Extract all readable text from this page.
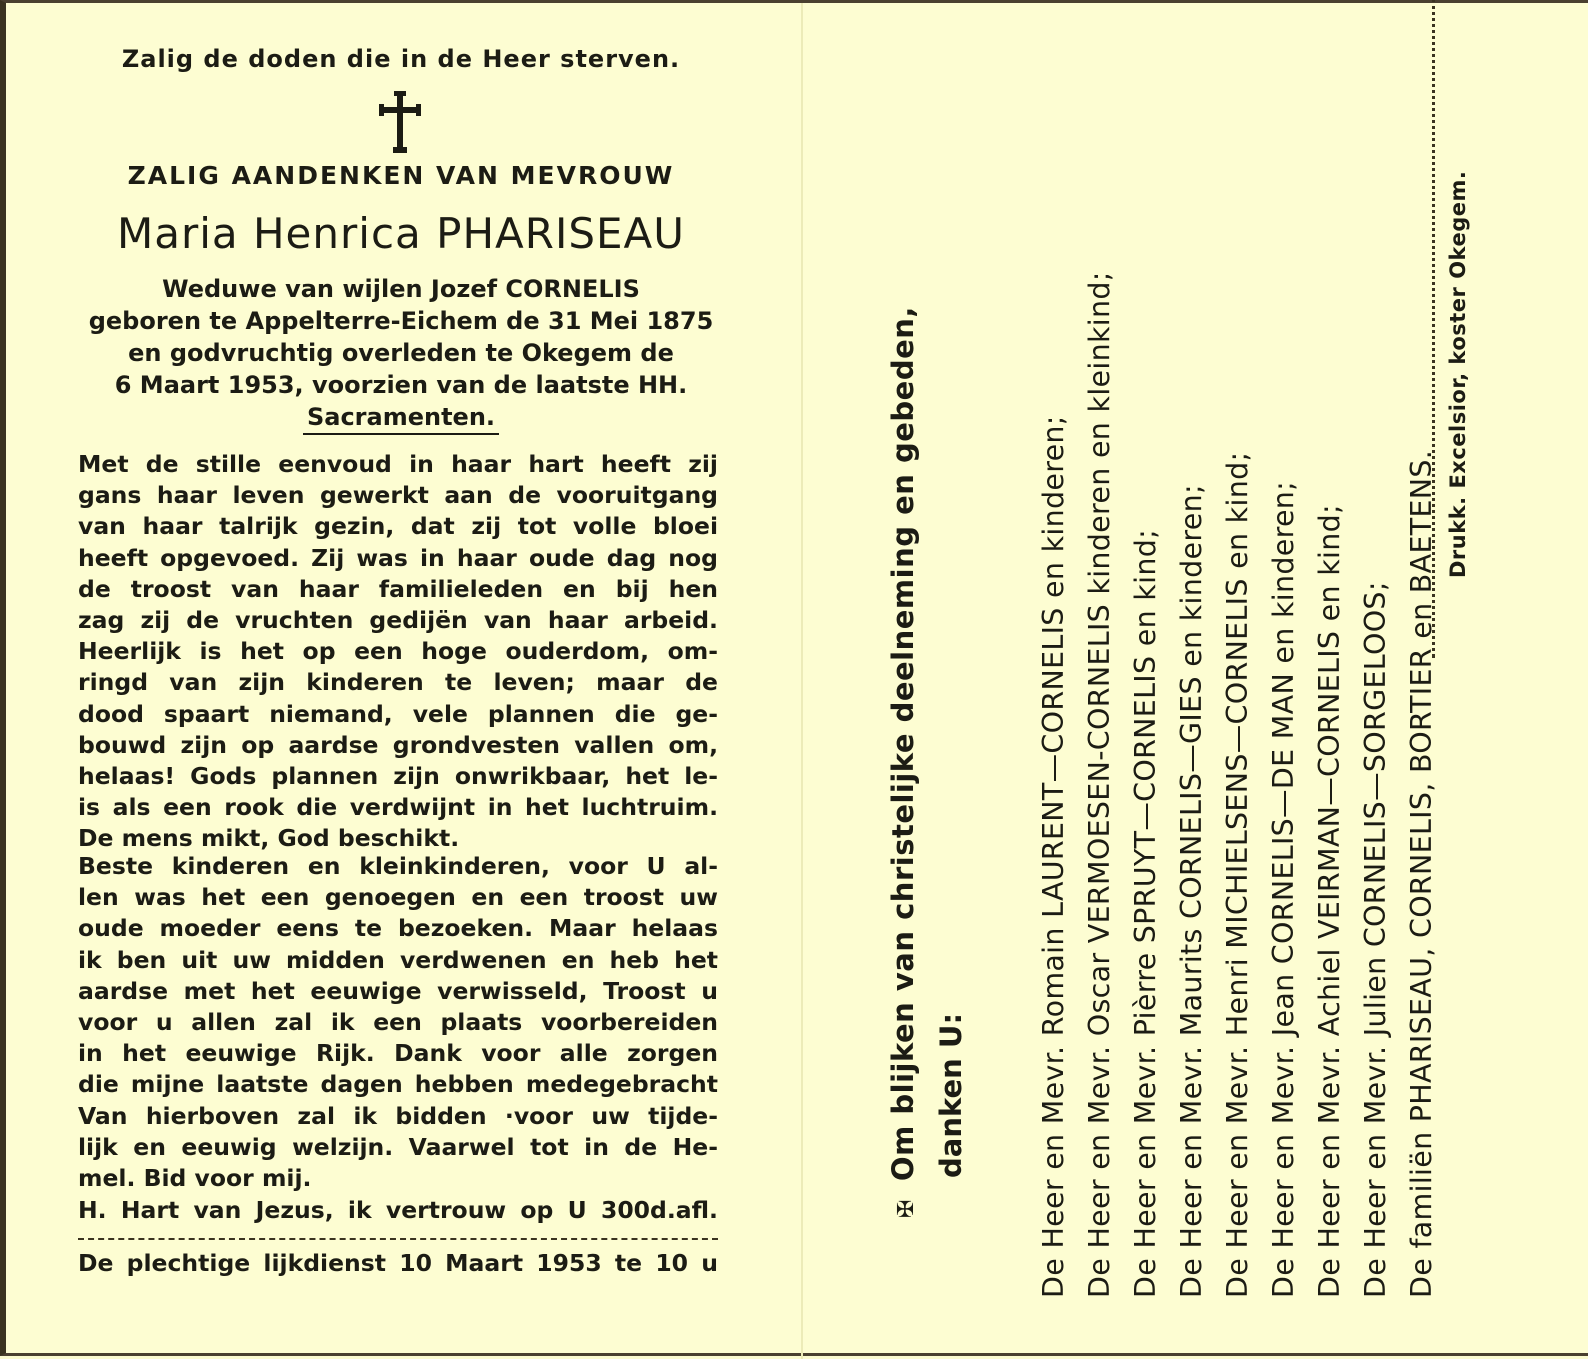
Zalig de doden die in de Heer sterven.

ZALIG AANDENKEN VAN MEVROUW

Maria Henrica PHARISEAU

Weduwe van wijlen Jozef CORNELIS
geboren te Appelterre-Eichem de 31 Mei 1875
en godvruchtig overleden te Okegem de
6 Maart 1953, voorzien van de laatste HH.
Sacramenten.
Met de stille eenvoud in haar hart heeft zij
gans haar leven gewerkt aan de vooruitgang
van haar talrijk gezin, dat zij tot volle bloei
heeft opgevoed. Zij was in haar oude dag nog
de troost van haar familieleden en bij hen
zag zij de vruchten gedijën van haar arbeid.
Heerlijk is het op een hoge ouderdom, om-
ringd van zijn kinderen te leven; maar de
dood spaart niemand, vele plannen die ge-
bouwd zijn op aardse grondvesten vallen om,
helaas! Gods plannen zijn onwrikbaar, het le-
is als een rook die verdwijnt in het luchtruim.
De mens mikt, God beschikt.
Beste kinderen en kleinkinderen, voor U al-
len was het een genoegen en een troost uw
oude moeder eens te bezoeken. Maar helaas
ik ben uit uw midden verdwenen en heb het
aardse met het eeuwige verwisseld, Troost u
voor u allen zal ik een plaats voorbereiden
in het eeuwige Rijk. Dank voor alle zorgen
die mijne laatste dagen hebben medegebracht
Van hierboven zal ik bidden ·voor uw tijde-
lijk en eeuwig welzijn. Vaarwel tot in de He-
mel. Bid voor mij.
H. Hart van Jezus, ik vertrouw op U 300d.afl.
De plechtige lijkdienst 10 Maart 1953 te 10 u
✠Om blijken van christelijke deelneming en gebeden, danken U: De Heer en Mevr. Romain LAURENT—CORNELIS en kinderen; De Heer en Mevr. Oscar VERMOESEN-CORNELIS kinderen en kleinkind; De Heer en Mevr. Pièrre SPRUYT—CORNELIS en kind; De Heer en Mevr. Maurits CORNELIS—GIES en kinderen; De Heer en Mevr. Henri MICHIELSENS—CORNELIS en kind; De Heer en Mevr. Jean CORNELIS—DE MAN en kinderen; De Heer en Mevr. Achiel VEIRMAN—CORNELIS en kind; De Heer en Mevr. Julien CORNELIS—SORGELOOS; De familiën PHARISEAU, CORNELIS, BORTIER en BAETENS.
Drukk. Excelsior, koster Okegem.
